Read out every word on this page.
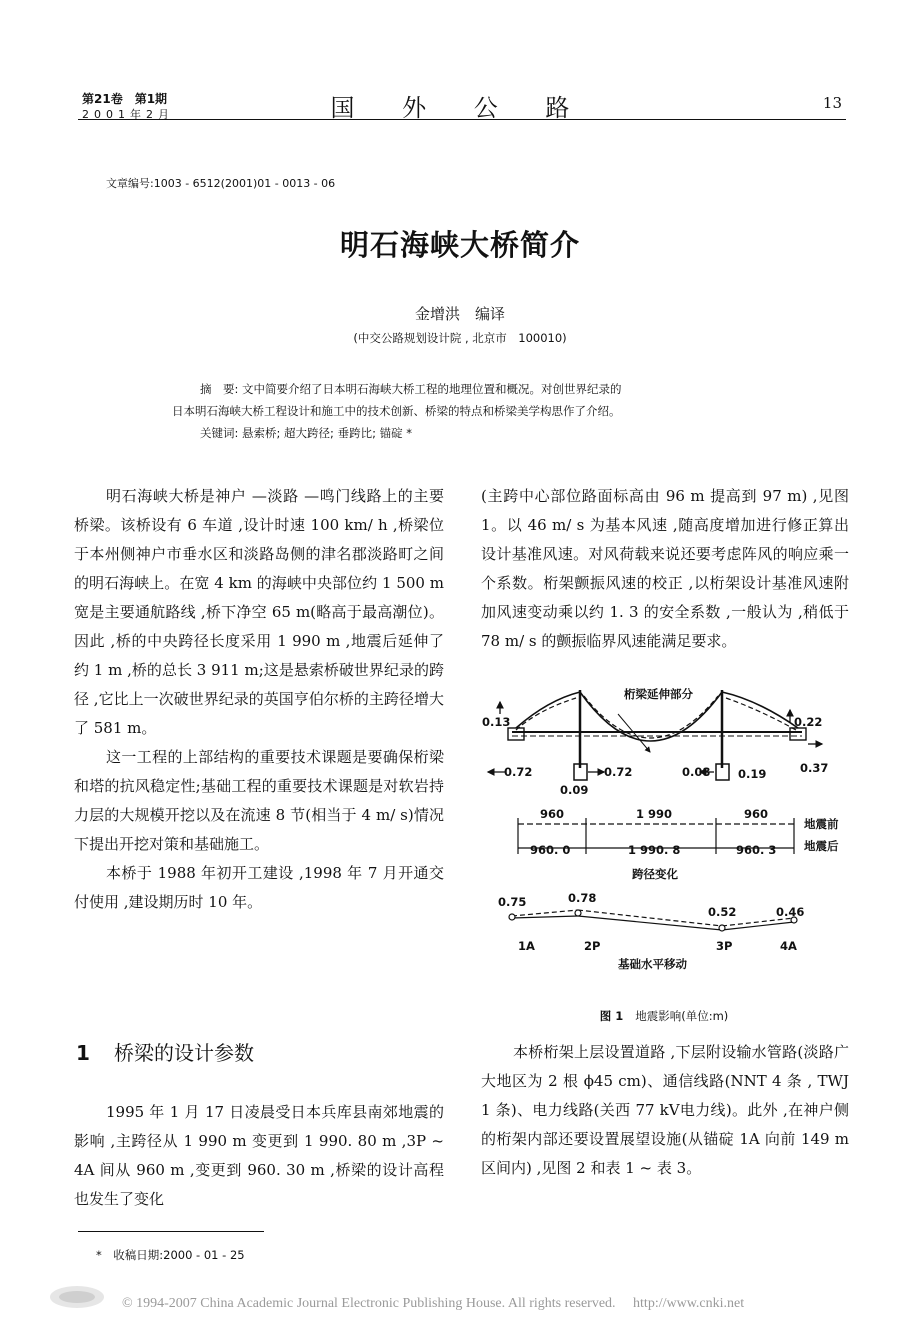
第21卷　第1期
2001年2月	国 外 公 路	13
文章编号:1003 - 6512(2001)01 - 0013 - 06
明石海峡大桥简介
金增洪　编译
(中交公路规划设计院 , 北京市　100010)

摘　要: 文中简要介绍了日本明石海峡大桥工程的地理位置和概况。对创世界纪录的

日本明石海峡大桥工程设计和施工中的技术创新、桥梁的特点和桥梁美学构思作了介绍。

关键词: 悬索桥; 超大跨径; 垂跨比; 锚碇 *

明石海峡大桥是神户 —淡路 —鸣门线路上的主要桥梁。该桥设有 6 车道 ,设计时速 100 km/ h ,桥梁位于本州侧神户市垂水区和淡路岛侧的津名郡淡路町之间的明石海峡上。在宽 4 km 的海峡中央部位约 1 500 m 宽是主要通航路线 ,桥下净空 65 m(略高于最高潮位)。因此 ,桥的中央跨径长度采用 1 990 m ,地震后延伸了约 1 m ,桥的总长 3 911 m;这是悬索桥破世界纪录的跨径 ,它比上一次破世界纪录的英国亨伯尔桥的主跨径增大了 581 m。

这一工程的上部结构的重要技术课题是要确保桁梁和塔的抗风稳定性;基础工程的重要技术课题是对软岩持力层的大规模开挖以及在流速 8 节(相当于 4 m/ s)情况下提出开挖对策和基础施工。

本桥于 1988 年初开工建设 ,1998 年 7 月开通交付使用 ,建设期历时 10 年。

1 桥梁的设计参数

1995 年 1 月 17 日凌晨受日本兵库县南郊地震的影响 ,主跨径从 1 990 m 变更到 1 990. 80 m ,3P ~ 4A 间从 960 m ,变更到 960. 30 m ,桥梁的设计高程也发生了变化

(主跨中心部位路面标高由 96 m 提高到 97 m) ,见图 1。以 46 m/ s 为基本风速 ,随高度增加进行修正算出设计基准风速。对风荷载来说还要考虑阵风的响应乘一个系数。桁架颤振风速的校正 ,以桁架设计基准风速附加风速变动乘以约 1. 3 的安全系数 ,一般认为 ,稍低于 78 m/ s 的颤振临界风速能满足要求。

桁梁延伸部分
0.13	0.22
0.72	0.72	0.08	0.37
0.09
0.19
960	1 990	960
地震前
960. 0	1 990. 8	960. 3 地震后
跨径变化
0.75	0.78
0.52	0.46
1A	2P	3P	4A
基础水平移动
图 1 地震影响(单位:m)

本桥桁架上层设置道路 ,下层附设输水管路(淡路广大地区为 2 根 ϕ45 cm)、通信线路(NNT 4 条 , TWJ 1 条)、电力线路(关西 77 kV电力线)。此外 ,在神户侧的桁架内部还要设置展望设施(从锚碇 1A 向前 149 m 区间内) ,见图 2 和表 1 ~ 表 3。

*　收稿日期:2000 - 01 - 25
© 1994-2007 China Academic Journal Electronic Publishing House. All rights reserved.　 http://www.cnki.net
